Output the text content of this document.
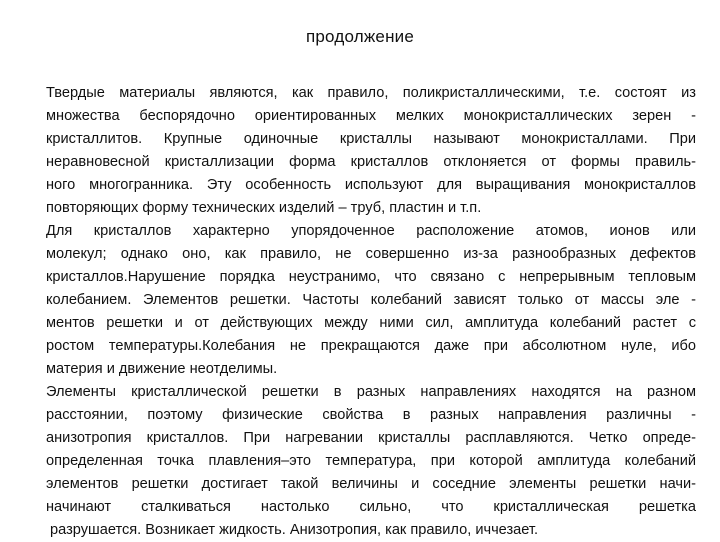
продолжение
Твердые материалы являются, как правило, поликристаллическими, т.е. состоят из
множества беспорядочно ориентированных мелких монокристаллических зерен -
кристаллитов. Крупные одиночные кристаллы называют монокристаллами. При
неравновесной кристаллизации форма кристаллов отклоняется от формы правиль-
ного многогранника. Эту особенность используют для выращивания монокристаллов
повторяющих форму технических изделий – труб, пластин и т.п.
Для кристаллов характерно упорядоченное расположение атомов, ионов или
молекул; однако оно, как правило, не совершенно из-за разнообразных дефектов
кристаллов.Нарушение порядка неустранимо, что связано с непрерывным тепловым
колебанием. Элементов решетки. Частоты колебаний зависят только от массы эле -
ментов решетки и от действующих между ними сил, амплитуда колебаний растет с
ростом температуры.Колебания не прекращаются даже при абсолютном нуле, ибо
материя и движение неотделимы.
Элементы кристаллической решетки в разных направлениях находятся на разном
расстоянии, поэтому физические свойства в разных направления различны -
анизотропия кристаллов. При нагревании кристаллы расплавляются. Четко опреде-
определенная точка плавления–это температура, при которой амплитуда колебаний
элементов решетки достигает такой величины и соседние элементы решетки начи-
начинают сталкиваться настолько сильно, что кристаллическая решетка
разрушается. Возникает жидкость. Анизотропия, как правило, иччезает.
